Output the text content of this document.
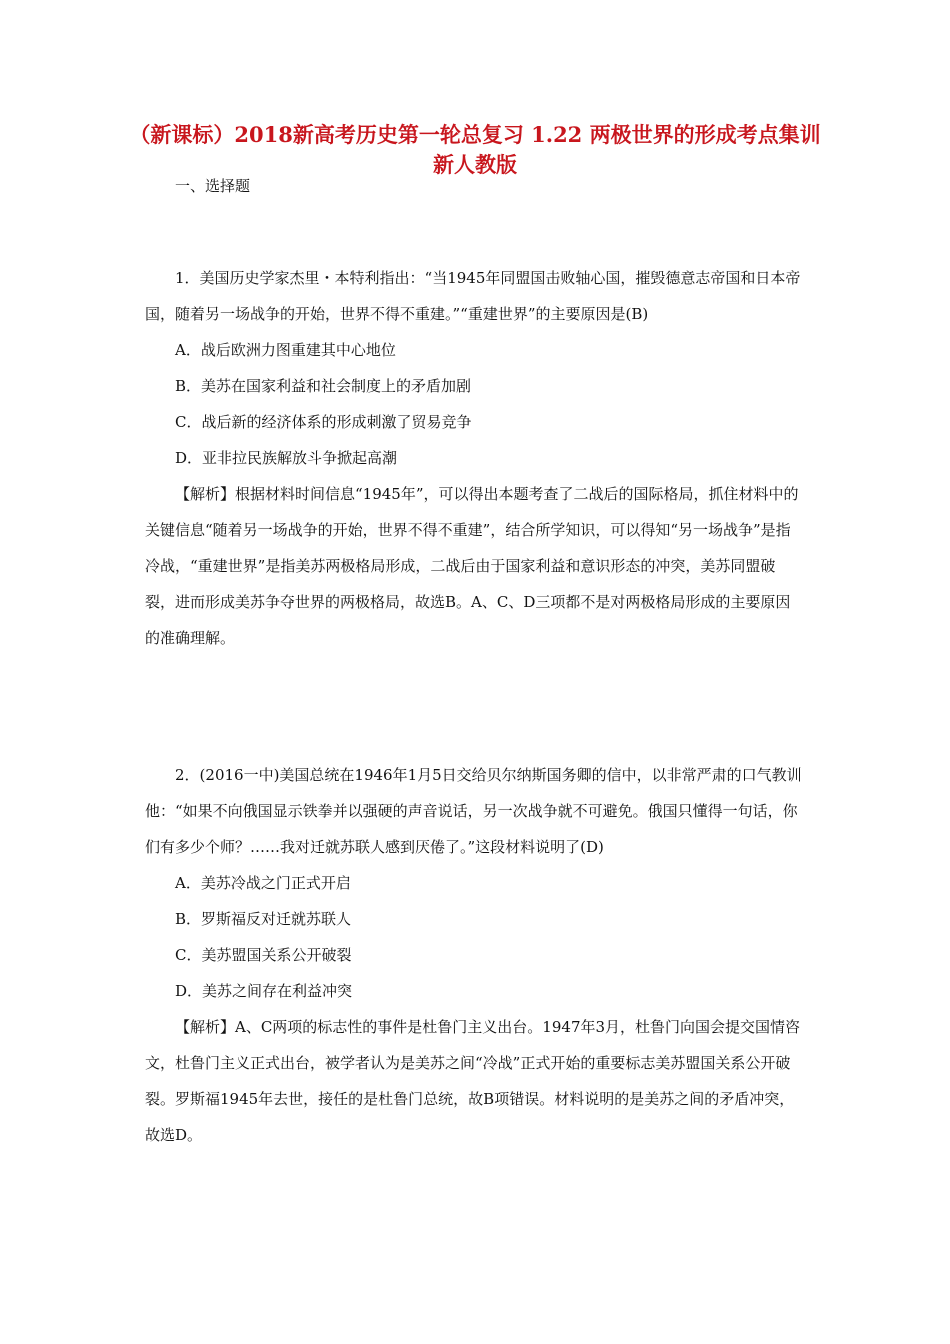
（新课标）2018新高考历史第一轮总复习 1.22 两极世界的形成考点集训 新人教版
一、选择题

1．美国历史学家杰里・本特利指出：“当1945年同盟国击败轴心国，摧毁德意志帝国和日本帝国，随着另一场战争的开始，世界不得不重建。”“重建世界”的主要原因是(B)

A．战后欧洲力图重建其中心地位

B．美苏在国家利益和社会制度上的矛盾加剧

C．战后新的经济体系的形成刺激了贸易竞争

D．亚非拉民族解放斗争掀起高潮

【解析】根据材料时间信息“1945年”，可以得出本题考查了二战后的国际格局，抓住材料中的关键信息“随着另一场战争的开始，世界不得不重建”，结合所学知识，可以得知“另一场战争”是指冷战，“重建世界”是指美苏两极格局形成，二战后由于国家利益和意识形态的冲突，美苏同盟破裂，进而形成美苏争夺世界的两极格局，故选B。A、C、D三项都不是对两极格局形成的主要原因的准确理解。

2．(2016一中)美国总统在1946年1月5日交给贝尔纳斯国务卿的信中，以非常严肃的口气教训他：“如果不向俄国显示铁拳并以强硬的声音说话，另一次战争就不可避免。俄国只懂得一句话，你们有多少个师？……我对迁就苏联人感到厌倦了。”这段材料说明了(D)

A．美苏冷战之门正式开启

B．罗斯福反对迁就苏联人

C．美苏盟国关系公开破裂

D．美苏之间存在利益冲突

【解析】A、C两项的标志性的事件是杜鲁门主义出台。1947年3月，杜鲁门向国会提交国情咨文，杜鲁门主义正式出台，被学者认为是美苏之间“冷战”正式开始的重要标志美苏盟国关系公开破裂。罗斯福1945年去世，接任的是杜鲁门总统，故B项错误。材料说明的是美苏之间的矛盾冲突，故选D。
